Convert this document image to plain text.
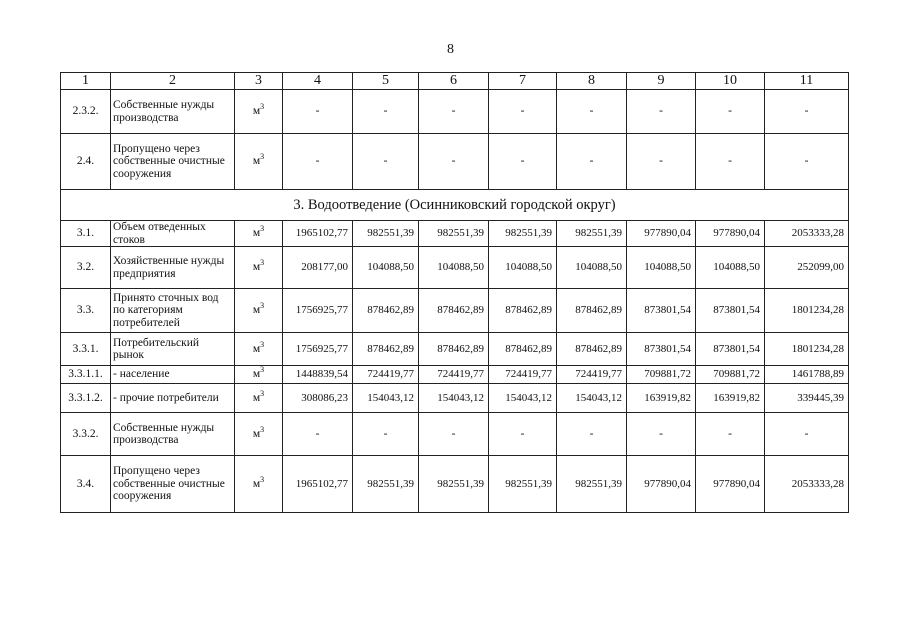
8
1	2	3	4	5	6	7	8	9	10	11
2.3.2.	Собственные нужды производства	$м^3$	-	-	-	-	-	-	-	-
2.4.	Пропущено через собственные очистные сооружения	$м^3$	-	-	-	-	-	-	-	-
3. Водоотведение (Осинниковский городской округ)										
3.1.	Объем отведенных стоков	$м^3$	1965102,77	982551,39	982551,39	982551,39	982551,39	977890,04	977890,04	2053333,28
3.2.	Хозяйственные нужды предприятия	$м^3$	208177,00	104088,50	104088,50	104088,50	104088,50	104088,50	104088,50	252099,00
3.3.	Принято сточных вод по категориям потребителей	$м^3$	1756925,77	878462,89	878462,89	878462,89	878462,89	873801,54	873801,54	1801234,28
3.3.1.	Потребительский рынок	$м^3$	1756925,77	878462,89	878462,89	878462,89	878462,89	873801,54	873801,54	1801234,28
3.3.1.1.	- население	$м^3$	1448839,54	724419,77	724419,77	724419,77	724419,77	709881,72	709881,72	1461788,89
3.3.1.2.	- прочие потребители	$м^3$	308086,23	154043,12	154043,12	154043,12	154043,12	163919,82	163919,82	339445,39
3.3.2.	Собственные нужды производства	$м^3$	-	-	-	-	-	-	-	-
3.4.	Пропущено через собственные очистные сооружения	$м^3$	1965102,77	982551,39	982551,39	982551,39	982551,39	977890,04	977890,04	2053333,28
